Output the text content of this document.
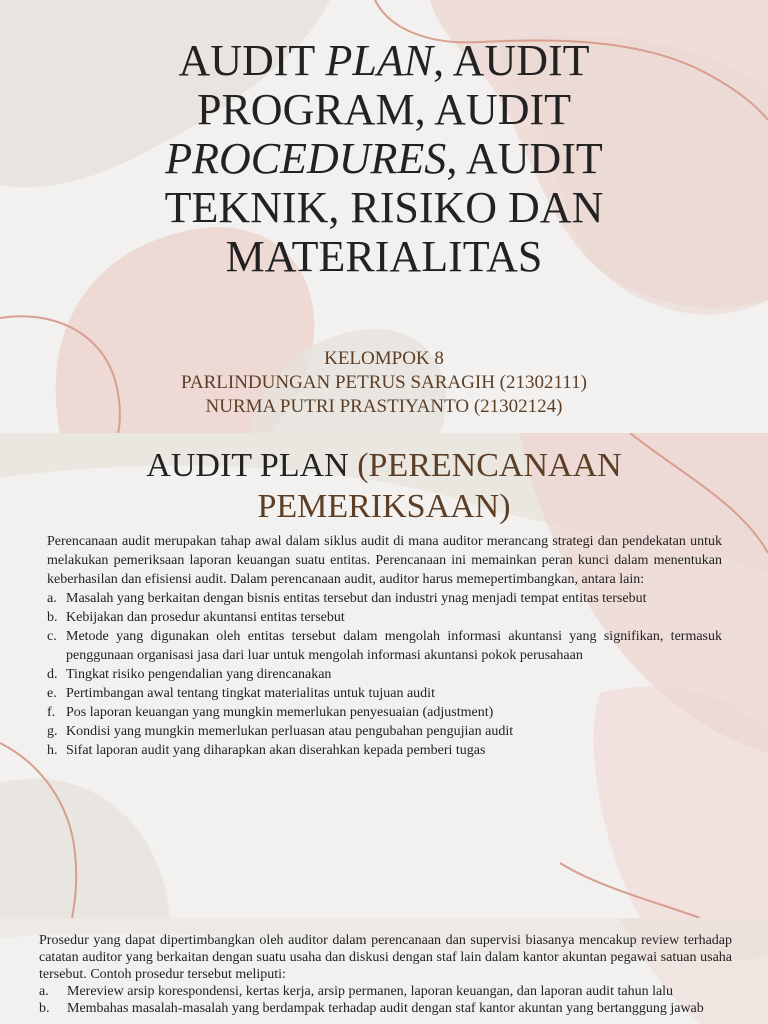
AUDIT PLAN, AUDIT PROGRAM, AUDIT PROCEDURES, AUDIT TEKNIK, RISIKO DAN MATERIALITAS
KELOMPOK 8
PARLINDUNGAN PETRUS SARAGIH (21302111)
NURMA PUTRI PRASTIYANTO (21302124)
AUDIT PLAN (PERENCANAAN PEMERIKSAAN)

Perencanaan audit merupakan tahap awal dalam siklus audit di mana auditor merancang strategi dan pendekatan untuk melakukan pemeriksaan laporan keuangan suatu entitas. Perencanaan ini memainkan peran kunci dalam menentukan keberhasilan dan efisiensi audit. Dalam perencanaan audit, auditor harus memepertimbangkan, antara lain:

a. Masalah yang berkaitan dengan bisnis entitas tersebut dan industri ynag menjadi tempat entitas tersebut
b. Kebijakan dan prosedur akuntansi entitas tersebut
c. Metode yang digunakan oleh entitas tersebut dalam mengolah informasi akuntansi yang signifikan, termasuk penggunaan organisasi jasa dari luar untuk mengolah informasi akuntansi pokok perusahaan
d. Tingkat risiko pengendalian yang direncanakan
e. Pertimbangan awal tentang tingkat materialitas untuk tujuan audit
f. Pos laporan keuangan yang mungkin memerlukan penyesuaian (adjustment)
g. Kondisi yang mungkin memerlukan perluasan atau pengubahan pengujian audit
h. Sifat laporan audit yang diharapkan akan diserahkan kepada pemberi tugas

Prosedur yang dapat dipertimbangkan oleh auditor dalam perencanaan dan supervisi biasanya mencakup review terhadap catatan auditor yang berkaitan dengan suatu usaha dan diskusi dengan staf lain dalam kantor akuntan pegawai satuan usaha tersebut. Contoh prosedur tersebut meliputi:

a. Mereview arsip korespondensi, kertas kerja, arsip permanen, laporan keuangan, dan laporan audit tahun lalu
b. Membahas masalah-masalah yang berdampak terhadap audit dengan staf kantor akuntan yang bertanggung jawab
